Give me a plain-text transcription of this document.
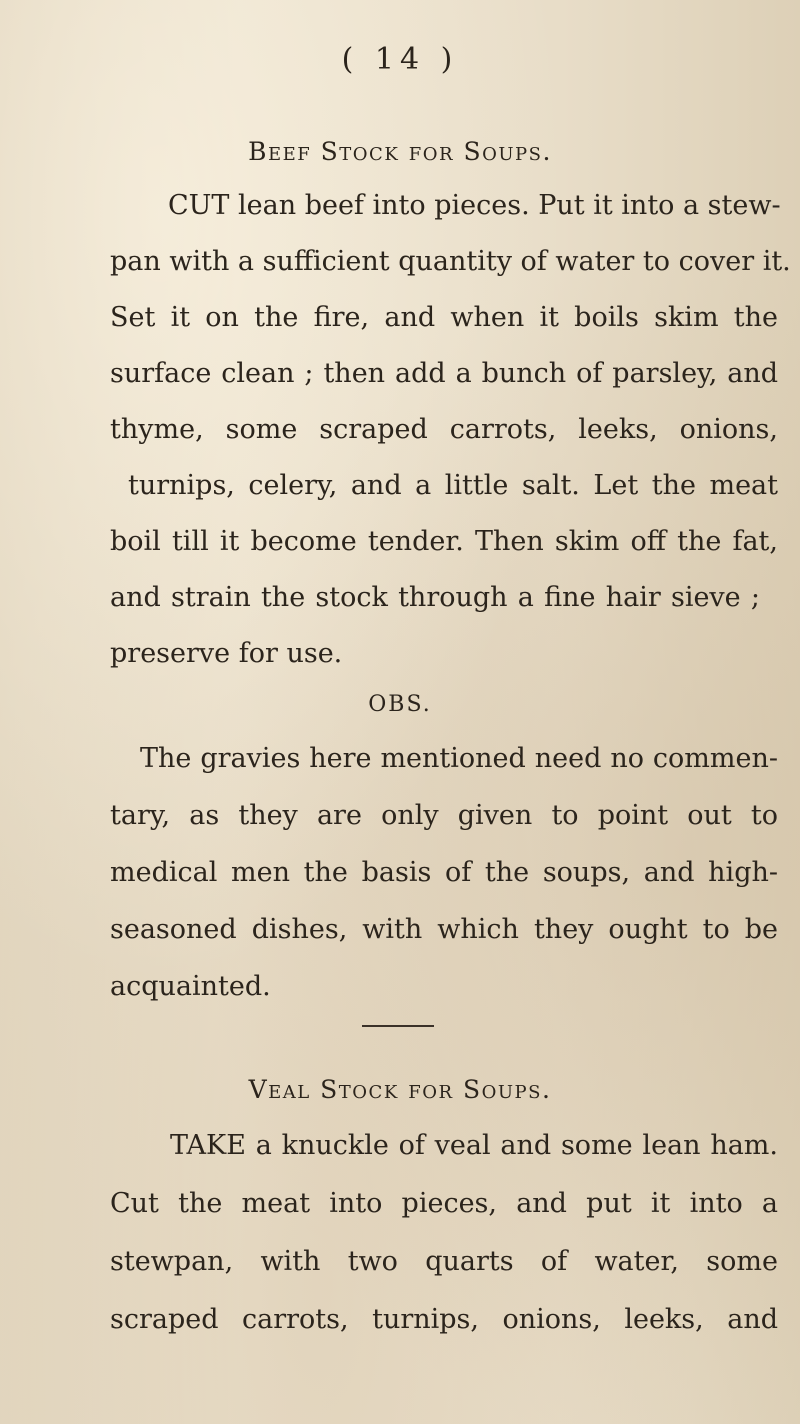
( 14 )
Beef Stock for Soups.
CUT lean beef into pieces. Put it into a stew-
pan with a sufficient quantity of water to cover it.
Set it on the fire, and when it boils skim the
surface clean ; then add a bunch of parsley, and
thyme, some scraped carrots, leeks, onions,
turnips, celery, and a little salt. Let the meat
boil till it become tender. Then skim off the fat,
and strain the stock through a fine hair sieve ;
preserve for use.
OBS.
The gravies here mentioned need no commen-
tary, as they are only given to point out to
medical men the basis of the soups, and high-
seasoned dishes, with which they ought to be
acquainted.
Veal Stock for Soups.
TAKE a knuckle of veal and some lean ham.
Cut the meat into pieces, and put it into a
stewpan, with two quarts of water, some
scraped carrots, turnips, onions, leeks, and
